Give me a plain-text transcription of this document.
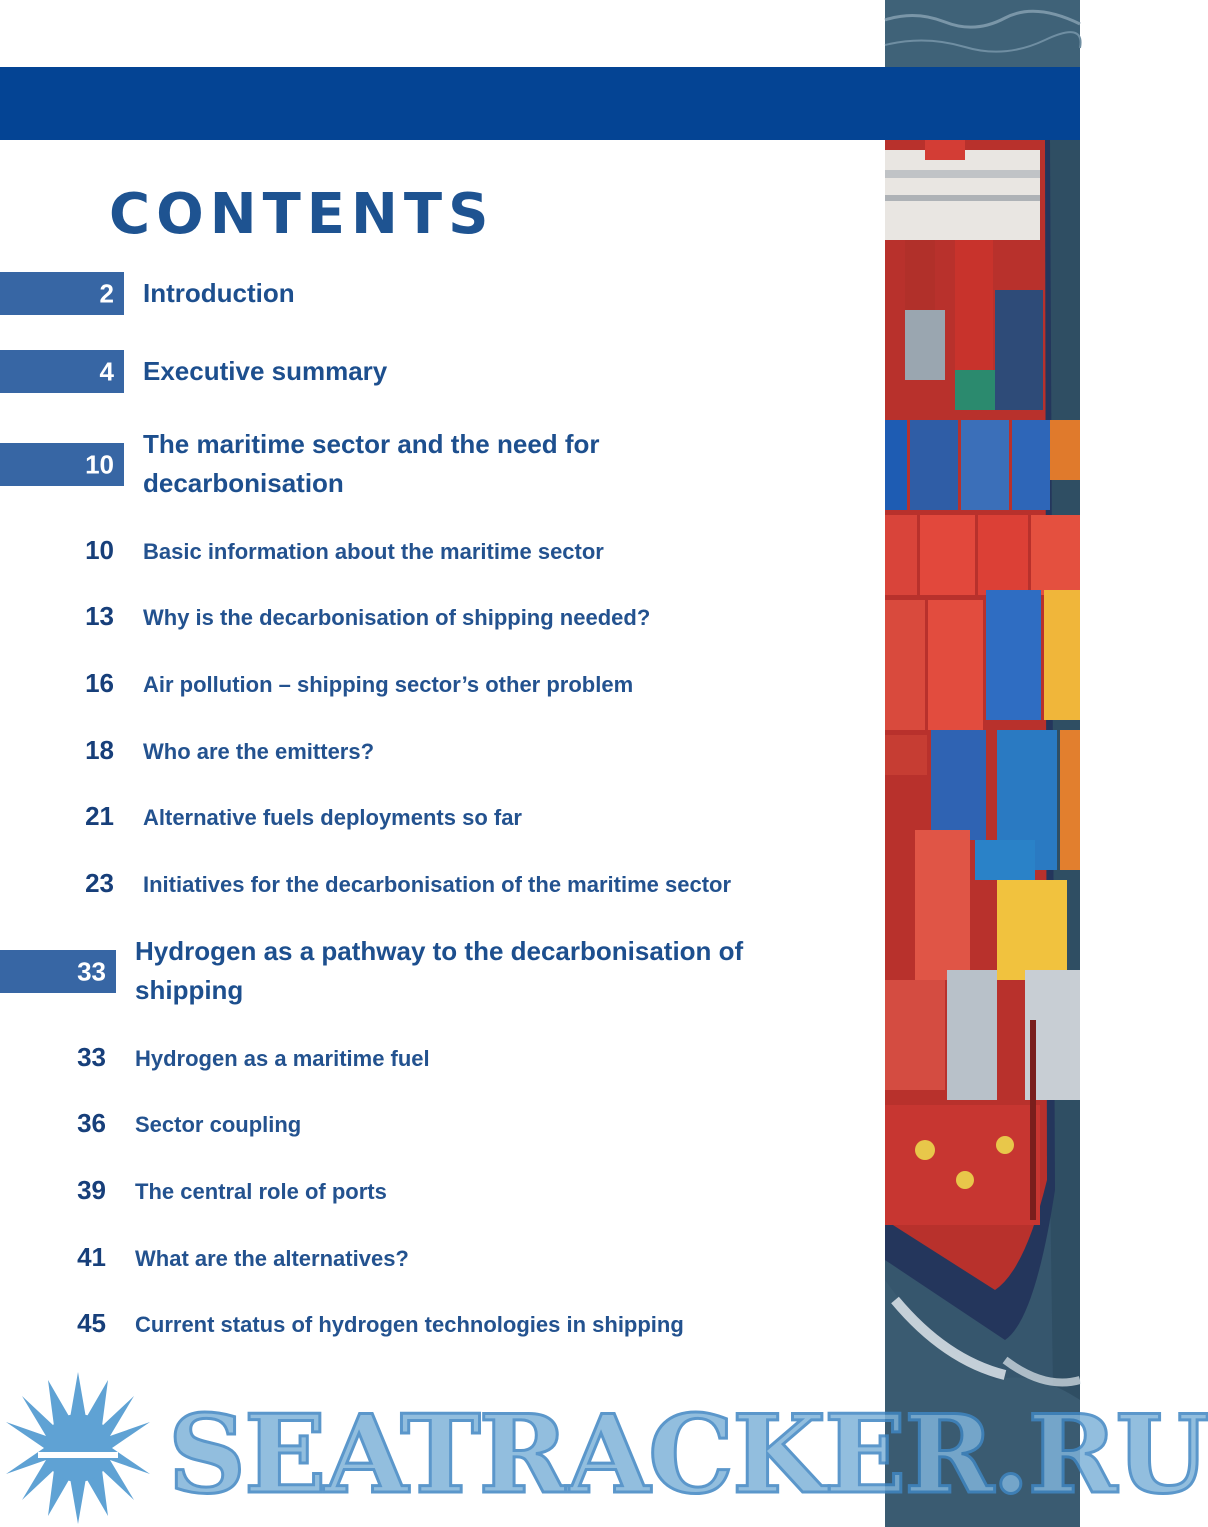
CONTENTS
2 Introduction
4 Executive summary
10
The maritime sector and the need for
decarbonisation
10 Basic information about the maritime sector
13 Why is the decarbonisation of shipping needed?
16 Air pollution – shipping sector’s other problem
18 Who are the emitters?
21 Alternative fuels deployments so far
23 Initiatives for the decarbonisation of the maritime sector
33
Hydrogen as a pathway to the decarbonisation of
shipping
33 Hydrogen as a maritime fuel
36 Sector coupling
39 The central role of ports
41 What are the alternatives?
45 Current status of hydrogen technologies in shipping
SEATRACKER.RU
